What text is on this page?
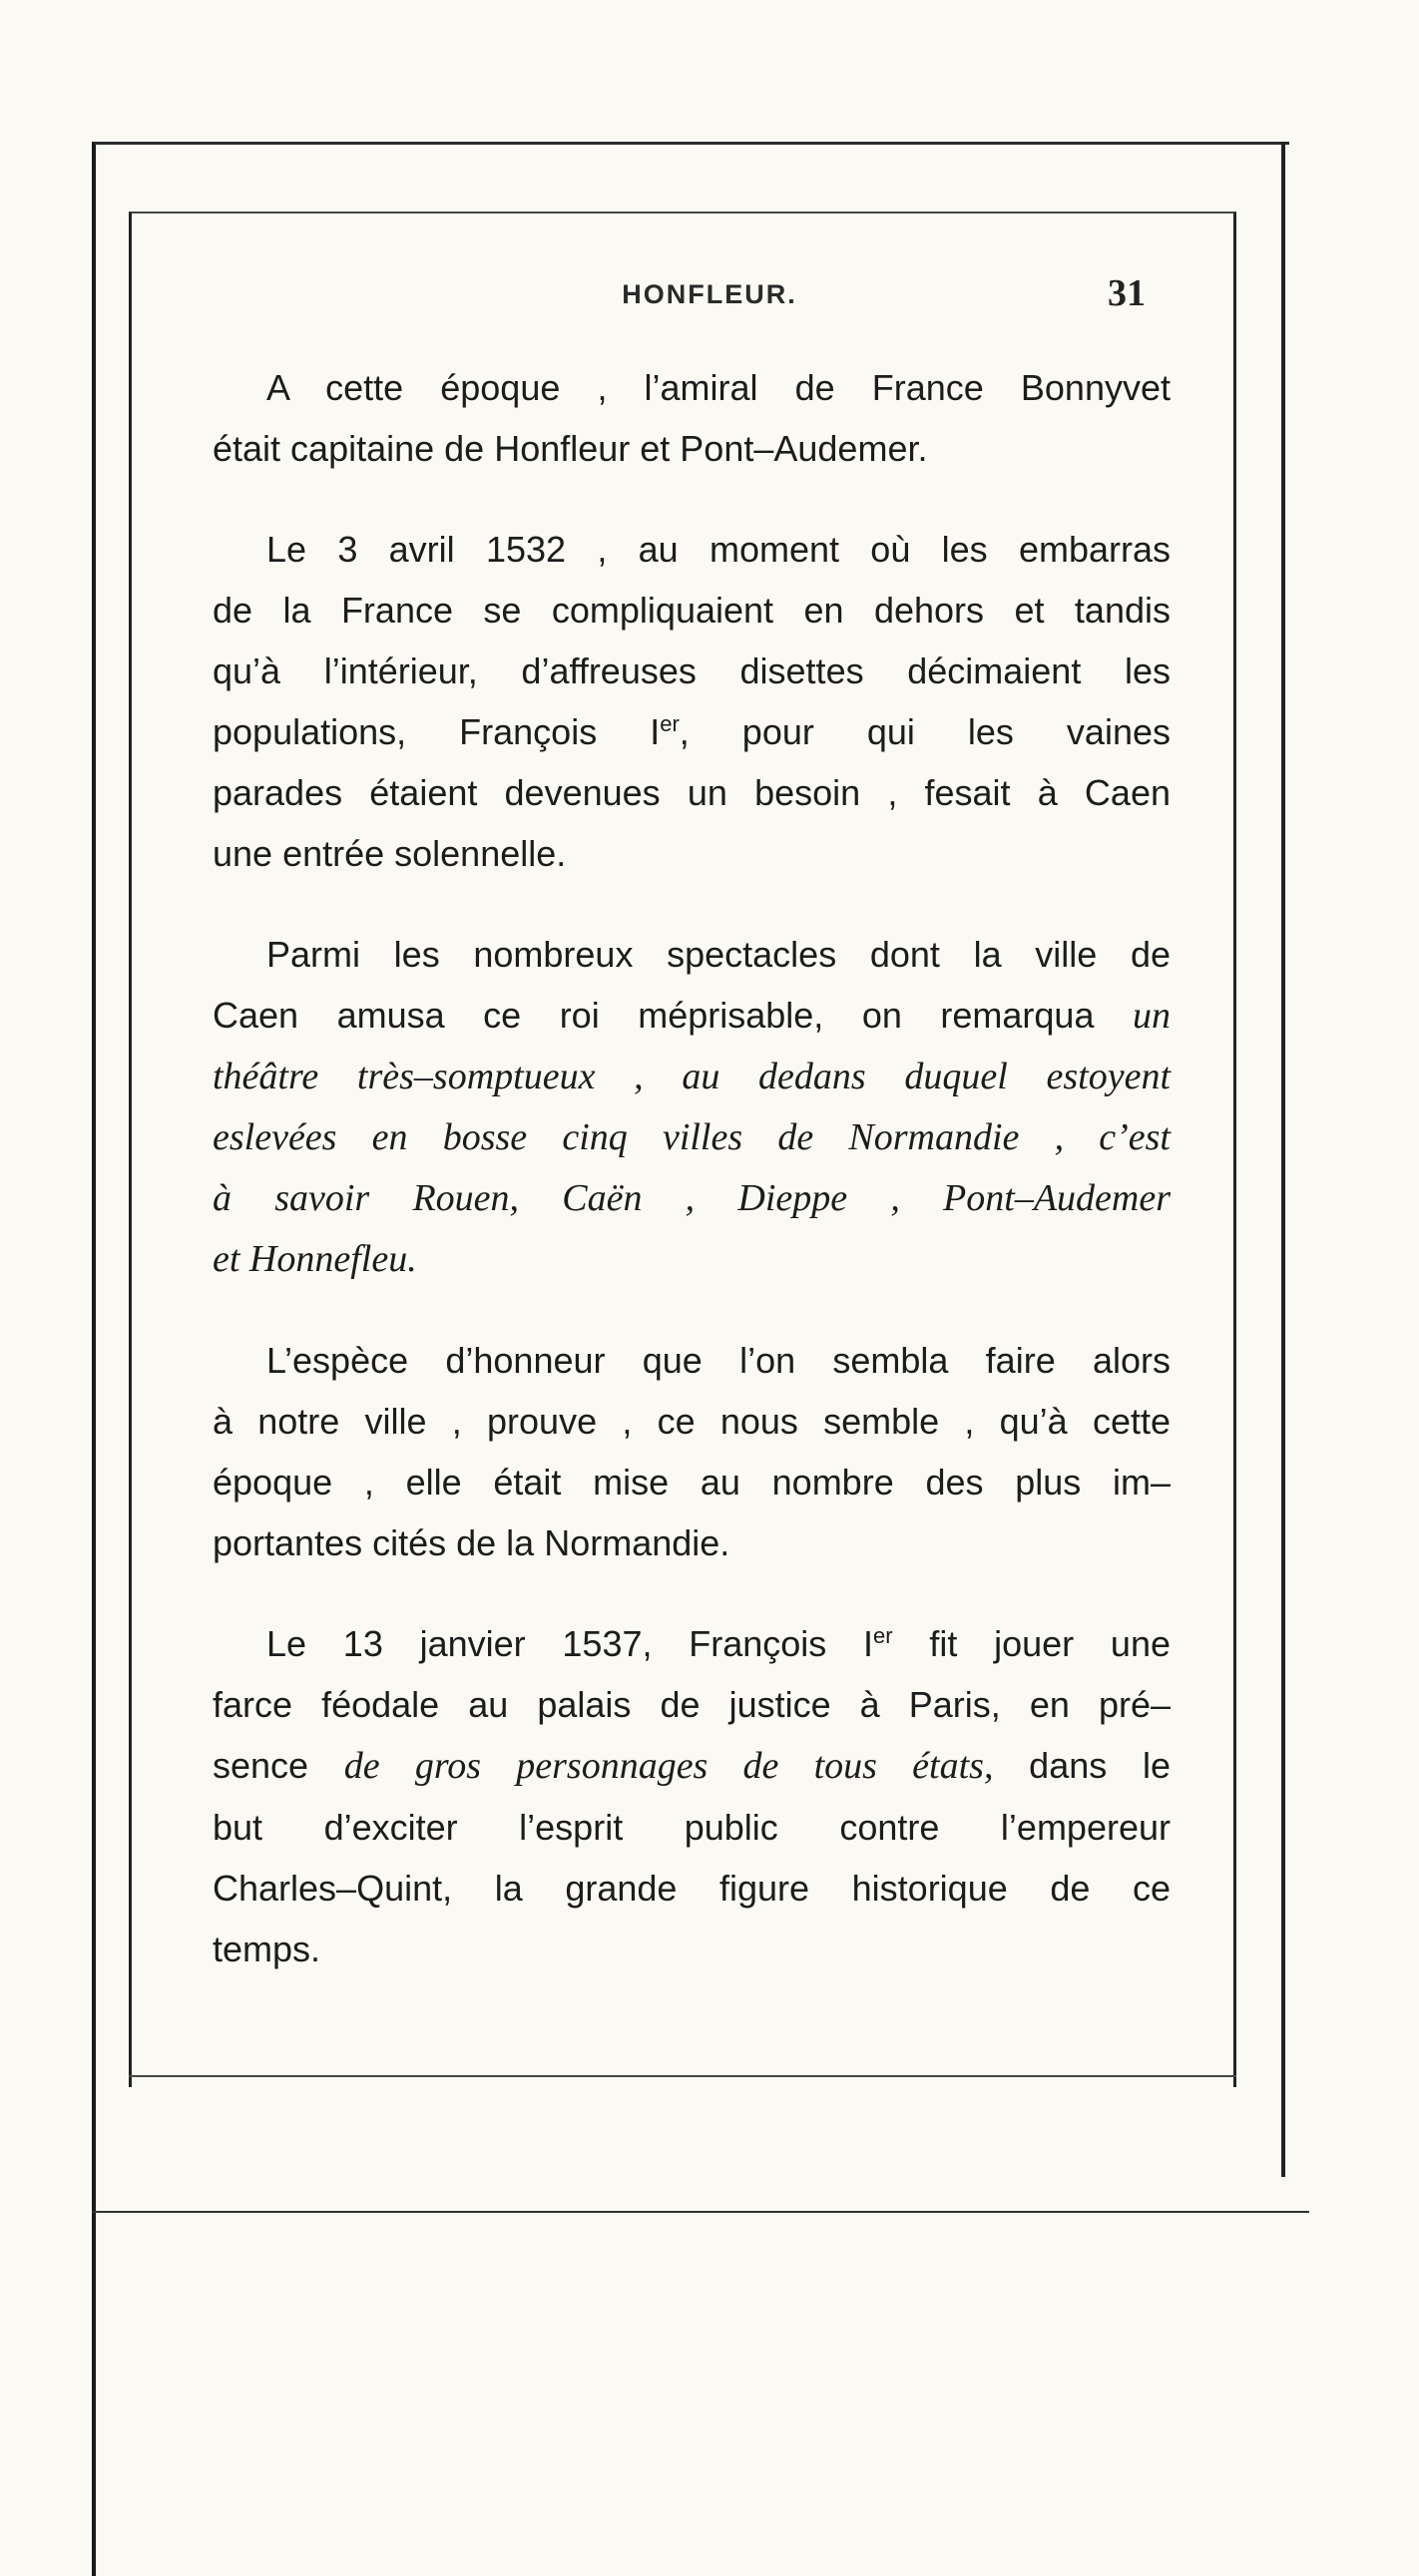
HONFLEUR.	31
A cette époque , l’amiral de France Bonnyvet
était capitaine de Honfleur et Pont–Audemer.
Le 3 avril 1532 , au moment où les embarras
de la France se compliquaient en dehors et tandis
qu’à l’intérieur, d’affreuses disettes décimaient les
populations, François Ier, pour qui les vaines
parades étaient devenues un besoin , fesait à Caen
une entrée solennelle.
Parmi les nombreux spectacles dont la ville de
Caen amusa ce roi méprisable, on remarqua un
théâtre très–somptueux , au dedans duquel estoyent
eslevées en bosse cinq villes de Normandie , c’est
à savoir Rouen, Caën , Dieppe , Pont–Audemer
et Honnefleu.
L’espèce d’honneur que l’on sembla faire alors
à notre ville , prouve , ce nous semble , qu’à cette
époque , elle était mise au nombre des plus im–
portantes cités de la Normandie.
Le 13 janvier 1537, François Ier fit jouer une
farce féodale au palais de justice à Paris, en pré–
sence de gros personnages de tous états, dans le
but d’exciter l’esprit public contre l’empereur
Charles–Quint, la grande figure historique de ce
temps.
